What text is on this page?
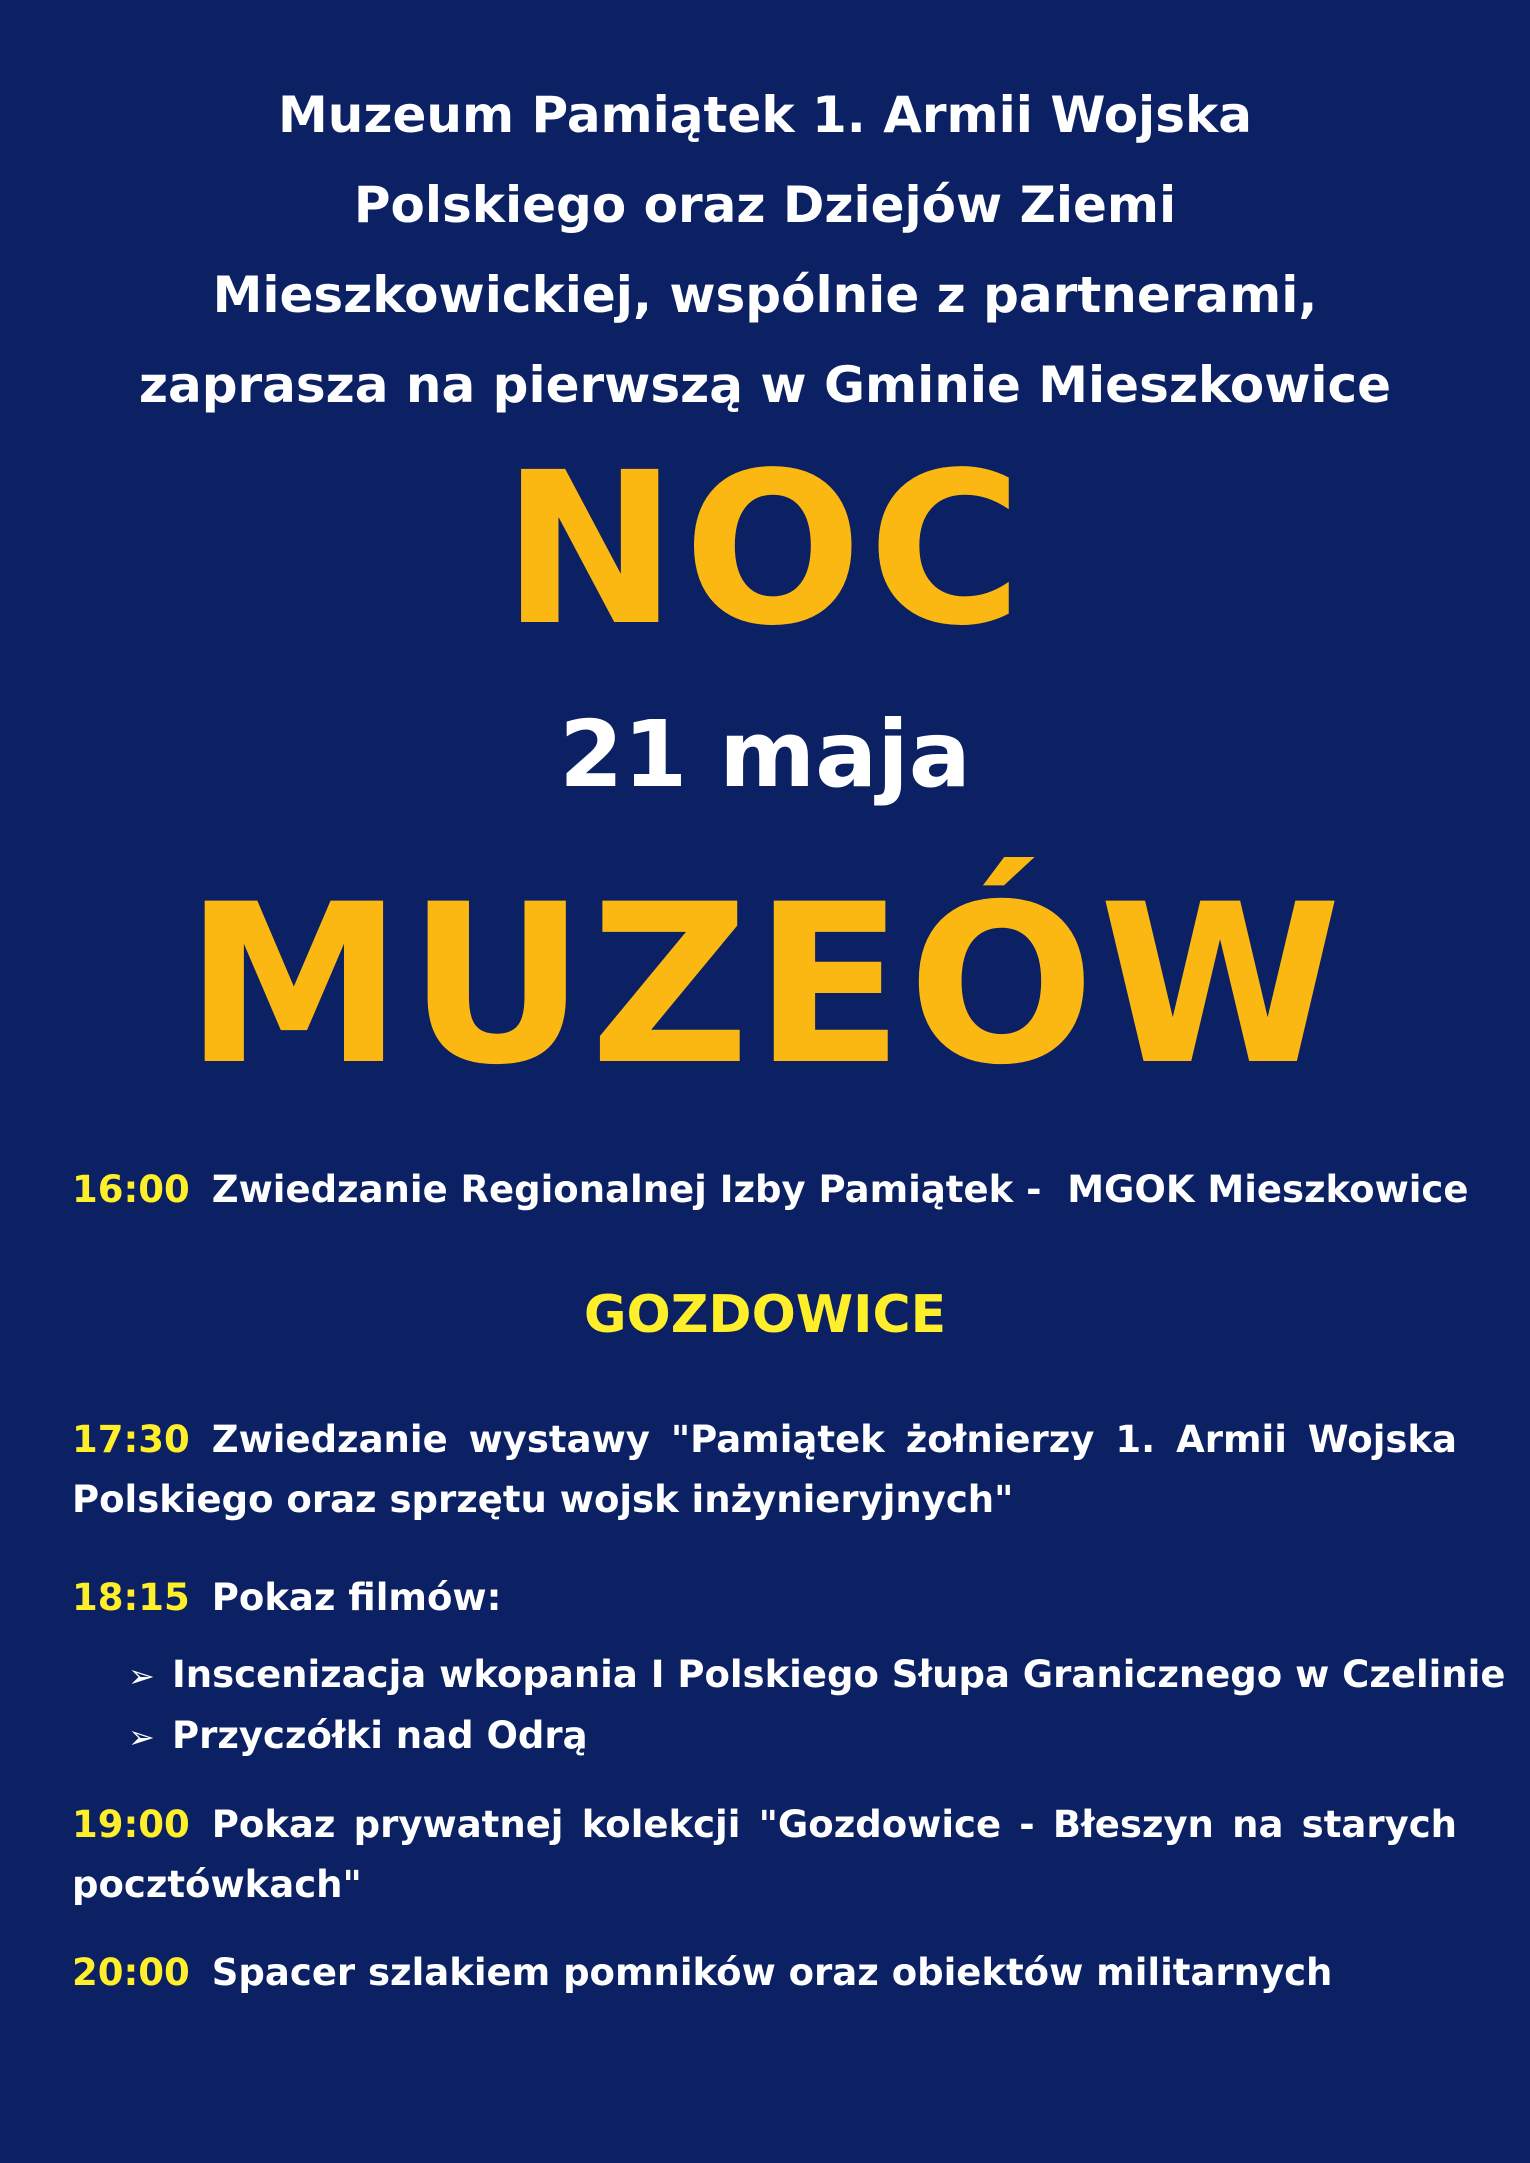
Muzeum Pamiątek 1. Armii Wojska
Polskiego oraz Dziejów Ziemi
Mieszkowickiej, wspólnie z partnerami,
zaprasza na pierwszą w Gminie Mieszkowice
NOC
21 maja
MUZEÓW
16:00 Zwiedzanie Regionalnej Izby Pamiątek -  MGOK Mieszkowice
GOZDOWICE
17:30 Zwiedzanie wystawy "Pamiątek żołnierzy 1. Armii Wojska Polskiego oraz sprzętu wojsk inżynieryjnych"
18:15 Pokaz filmów:
➢ Inscenizacja wkopania I Polskiego Słupa Granicznego w Czelinie
➢ Przyczółki nad Odrą
19:00 Pokaz prywatnej kolekcji "Gozdowice - Błeszyn na starych pocztówkach"
20:00 Spacer szlakiem pomników oraz obiektów militarnych
